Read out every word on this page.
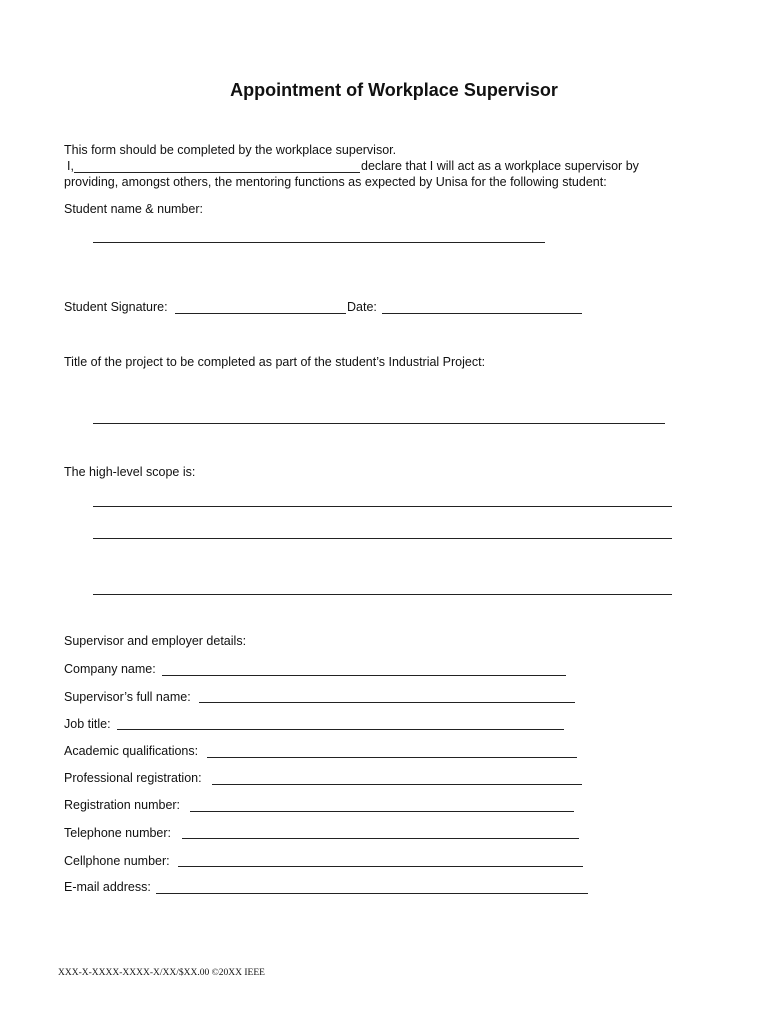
Appointment of Workplace Supervisor
This form should be completed by the workplace supervisor.
I,	declare that I will act as a workplace supervisor by
providing, amongst others, the mentoring functions as expected by Unisa for the following student:
Student name & number:
Student Signature:	Date:
Title of the project to be completed as part of the student’s Industrial Project:
The high-level scope is:
Supervisor and employer details:
Company name:
Supervisor’s full name:
Job title:
Academic qualifications:
Professional registration:
Registration number:
Telephone number:
Cellphone number:
E-mail address:
XXX-X-XXXX-XXXX-X/XX/$XX.00 ©20XX IEEE
